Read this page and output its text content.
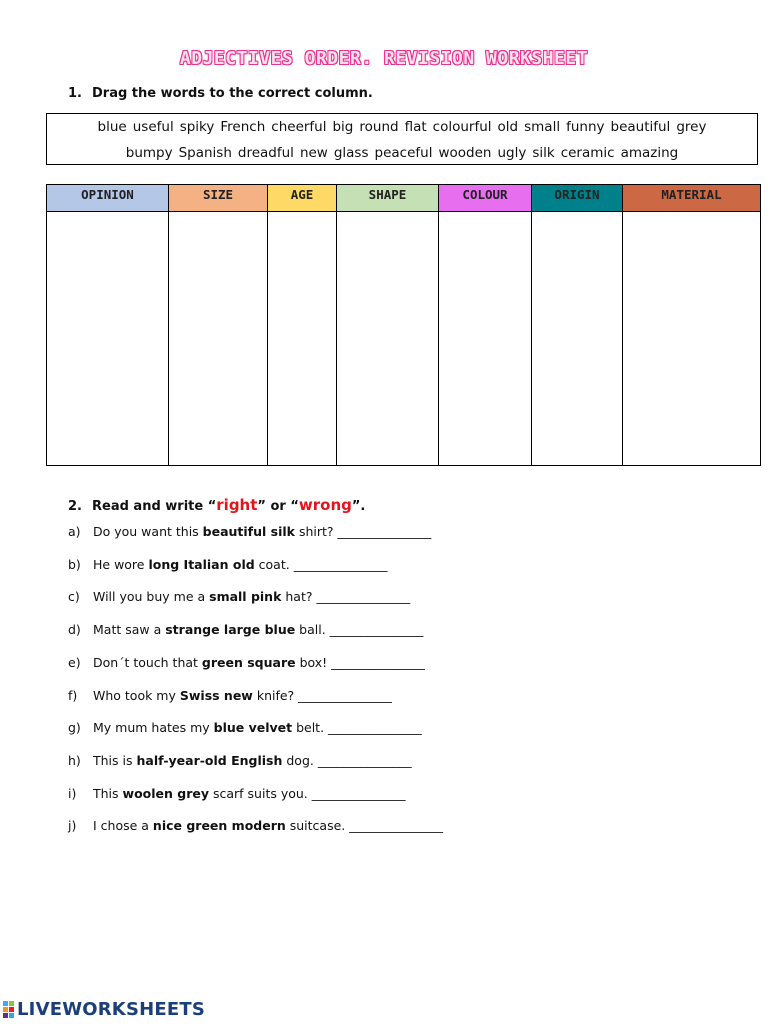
ADJECTIVES ORDER. REVISION WORKSHEET
1. Drag the words to the correct column.
blue useful spiky French cheerful big round flat colourful old small funny beautiful grey
bumpy Spanish dreadful new glass peaceful wooden ugly silk ceramic amazing
OPINION	SIZE	AGE	SHAPE	COLOUR	ORIGIN	MATERIAL

2. Read and write “right” or “wrong”.
a) Do you want this beautiful silk shirt? _______________
b) He wore long Italian old coat. _______________
c) Will you buy me a small pink hat? _______________
d) Matt saw a strange large blue ball. _______________
e) Don´t touch that green square box! _______________
f) Who took my Swiss new knife? _______________
g) My mum hates my blue velvet belt. _______________
h) This is half-year-old English dog. _______________
i) This woolen grey scarf suits you. _______________
j) I chose a nice green modern suitcase. _______________
LIVEWORKSHEETS
